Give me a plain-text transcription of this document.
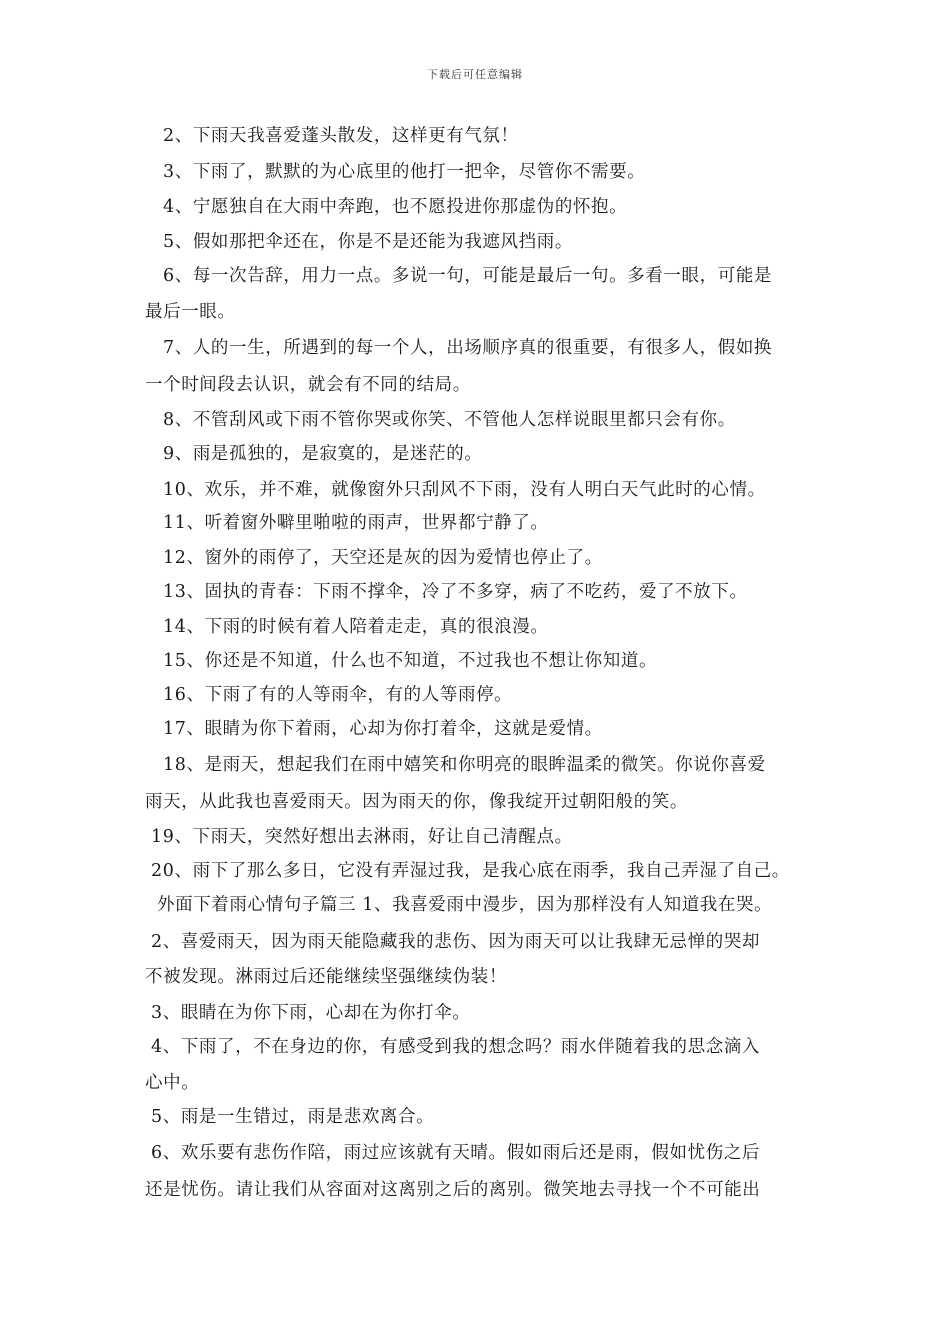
下载后可任意编辑
2、下雨天我喜爱蓬头散发，这样更有气氛！
3、下雨了，默默的为心底里的他打一把伞，尽管你不需要。
4、宁愿独自在大雨中奔跑，也不愿投进你那虚伪的怀抱。
5、假如那把伞还在，你是不是还能为我遮风挡雨。
6、每一次告辞，用力一点。多说一句，可能是最后一句。多看一眼，可能是
最后一眼。
7、人的一生，所遇到的每一个人，出场顺序真的很重要，有很多人，假如换
一个时间段去认识，就会有不同的结局。
8、不管刮风或下雨不管你哭或你笑、不管他人怎样说眼里都只会有你。
9、雨是孤独的，是寂寞的，是迷茫的。
10、欢乐，并不难，就像窗外只刮风不下雨，没有人明白天气此时的心情。
11、听着窗外噼里啪啦的雨声，世界都宁静了。
12、窗外的雨停了，天空还是灰的因为爱情也停止了。
13、固执的青春：下雨不撑伞，冷了不多穿，病了不吃药，爱了不放下。
14、下雨的时候有着人陪着走走，真的很浪漫。
15、你还是不知道，什么也不知道，不过我也不想让你知道。
16、下雨了有的人等雨伞，有的人等雨停。
17、眼睛为你下着雨，心却为你打着伞，这就是爱情。
18、是雨天，想起我们在雨中嬉笑和你明亮的眼眸温柔的微笑。你说你喜爱
雨天，从此我也喜爱雨天。因为雨天的你，像我绽开过朝阳般的笑。
19、下雨天，突然好想出去淋雨，好让自己清醒点。
20、雨下了那么多日，它没有弄湿过我，是我心底在雨季，我自己弄湿了自己。
外面下着雨心情句子篇三 1、我喜爱雨中漫步，因为那样没有人知道我在哭。
2、喜爱雨天，因为雨天能隐藏我的悲伤、因为雨天可以让我肆无忌惮的哭却
不被发现。淋雨过后还能继续坚强继续伪装！
3、眼睛在为你下雨，心却在为你打伞。
4、下雨了，不在身边的你，有感受到我的想念吗？雨水伴随着我的思念滴入
心中。
5、雨是一生错过，雨是悲欢离合。
6、欢乐要有悲伤作陪，雨过应该就有天晴。假如雨后还是雨，假如忧伤之后
还是忧伤。请让我们从容面对这离别之后的离别。微笑地去寻找一个不可能出
